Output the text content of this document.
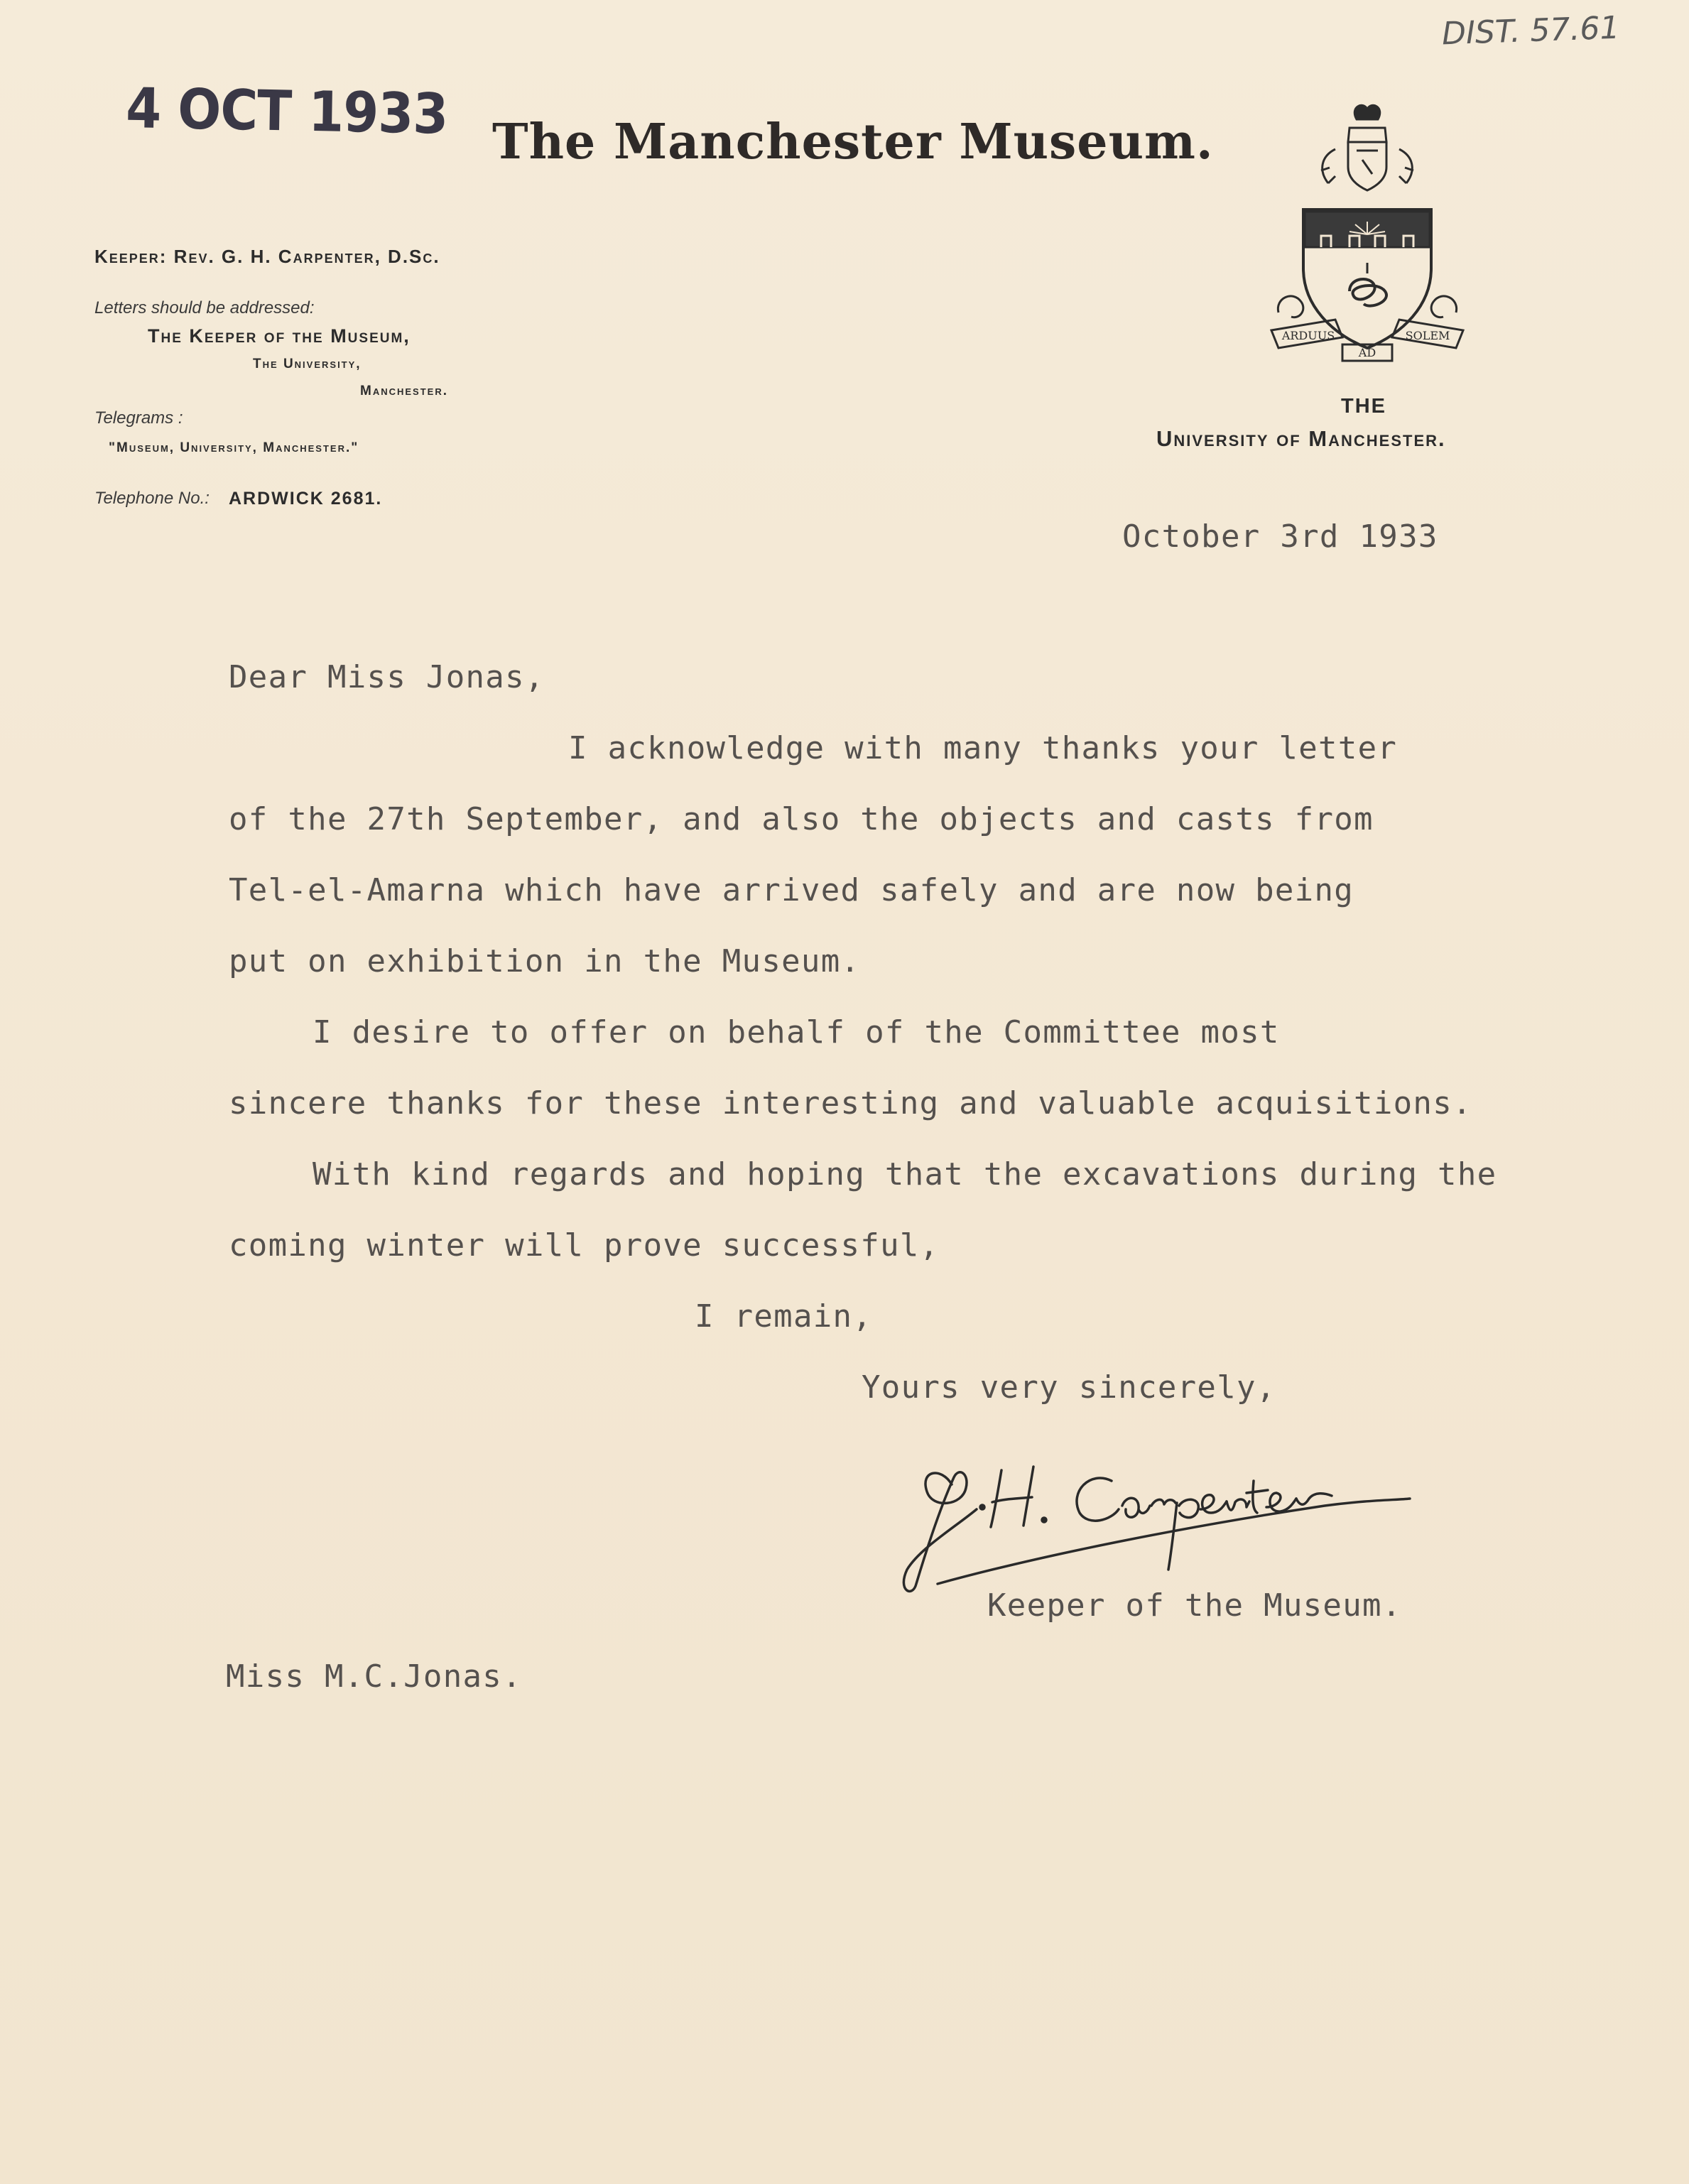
DIST. 57.61
4 OCT 1933 The Manchester Museum.
Keeper: Rev. G. H. Carpenter, D.Sc.
Letters should be addressed:
The Keeper of the Museum,
The University,
Manchester.
Telegrams :
"Museum, University, Manchester."
Telephone No.: ARDWICK 2681.
ARDUUS
AD
SOLEM
THE
University of Manchester.
October 3rd 1933
Dear Miss Jonas,
I acknowledge with many thanks your letter
of the 27th September, and also the objects and casts from
Tel-el-Amarna which have arrived safely and are now being
put on exhibition in the Museum.
I desire to offer on behalf of the Committee most
sincere thanks for these interesting and valuable acquisitions.
With kind regards and hoping that the excavations during the
coming winter will prove successful,
I remain,
Yours very sincerely,
Keeper of the Museum.
Miss M.C.Jonas.
